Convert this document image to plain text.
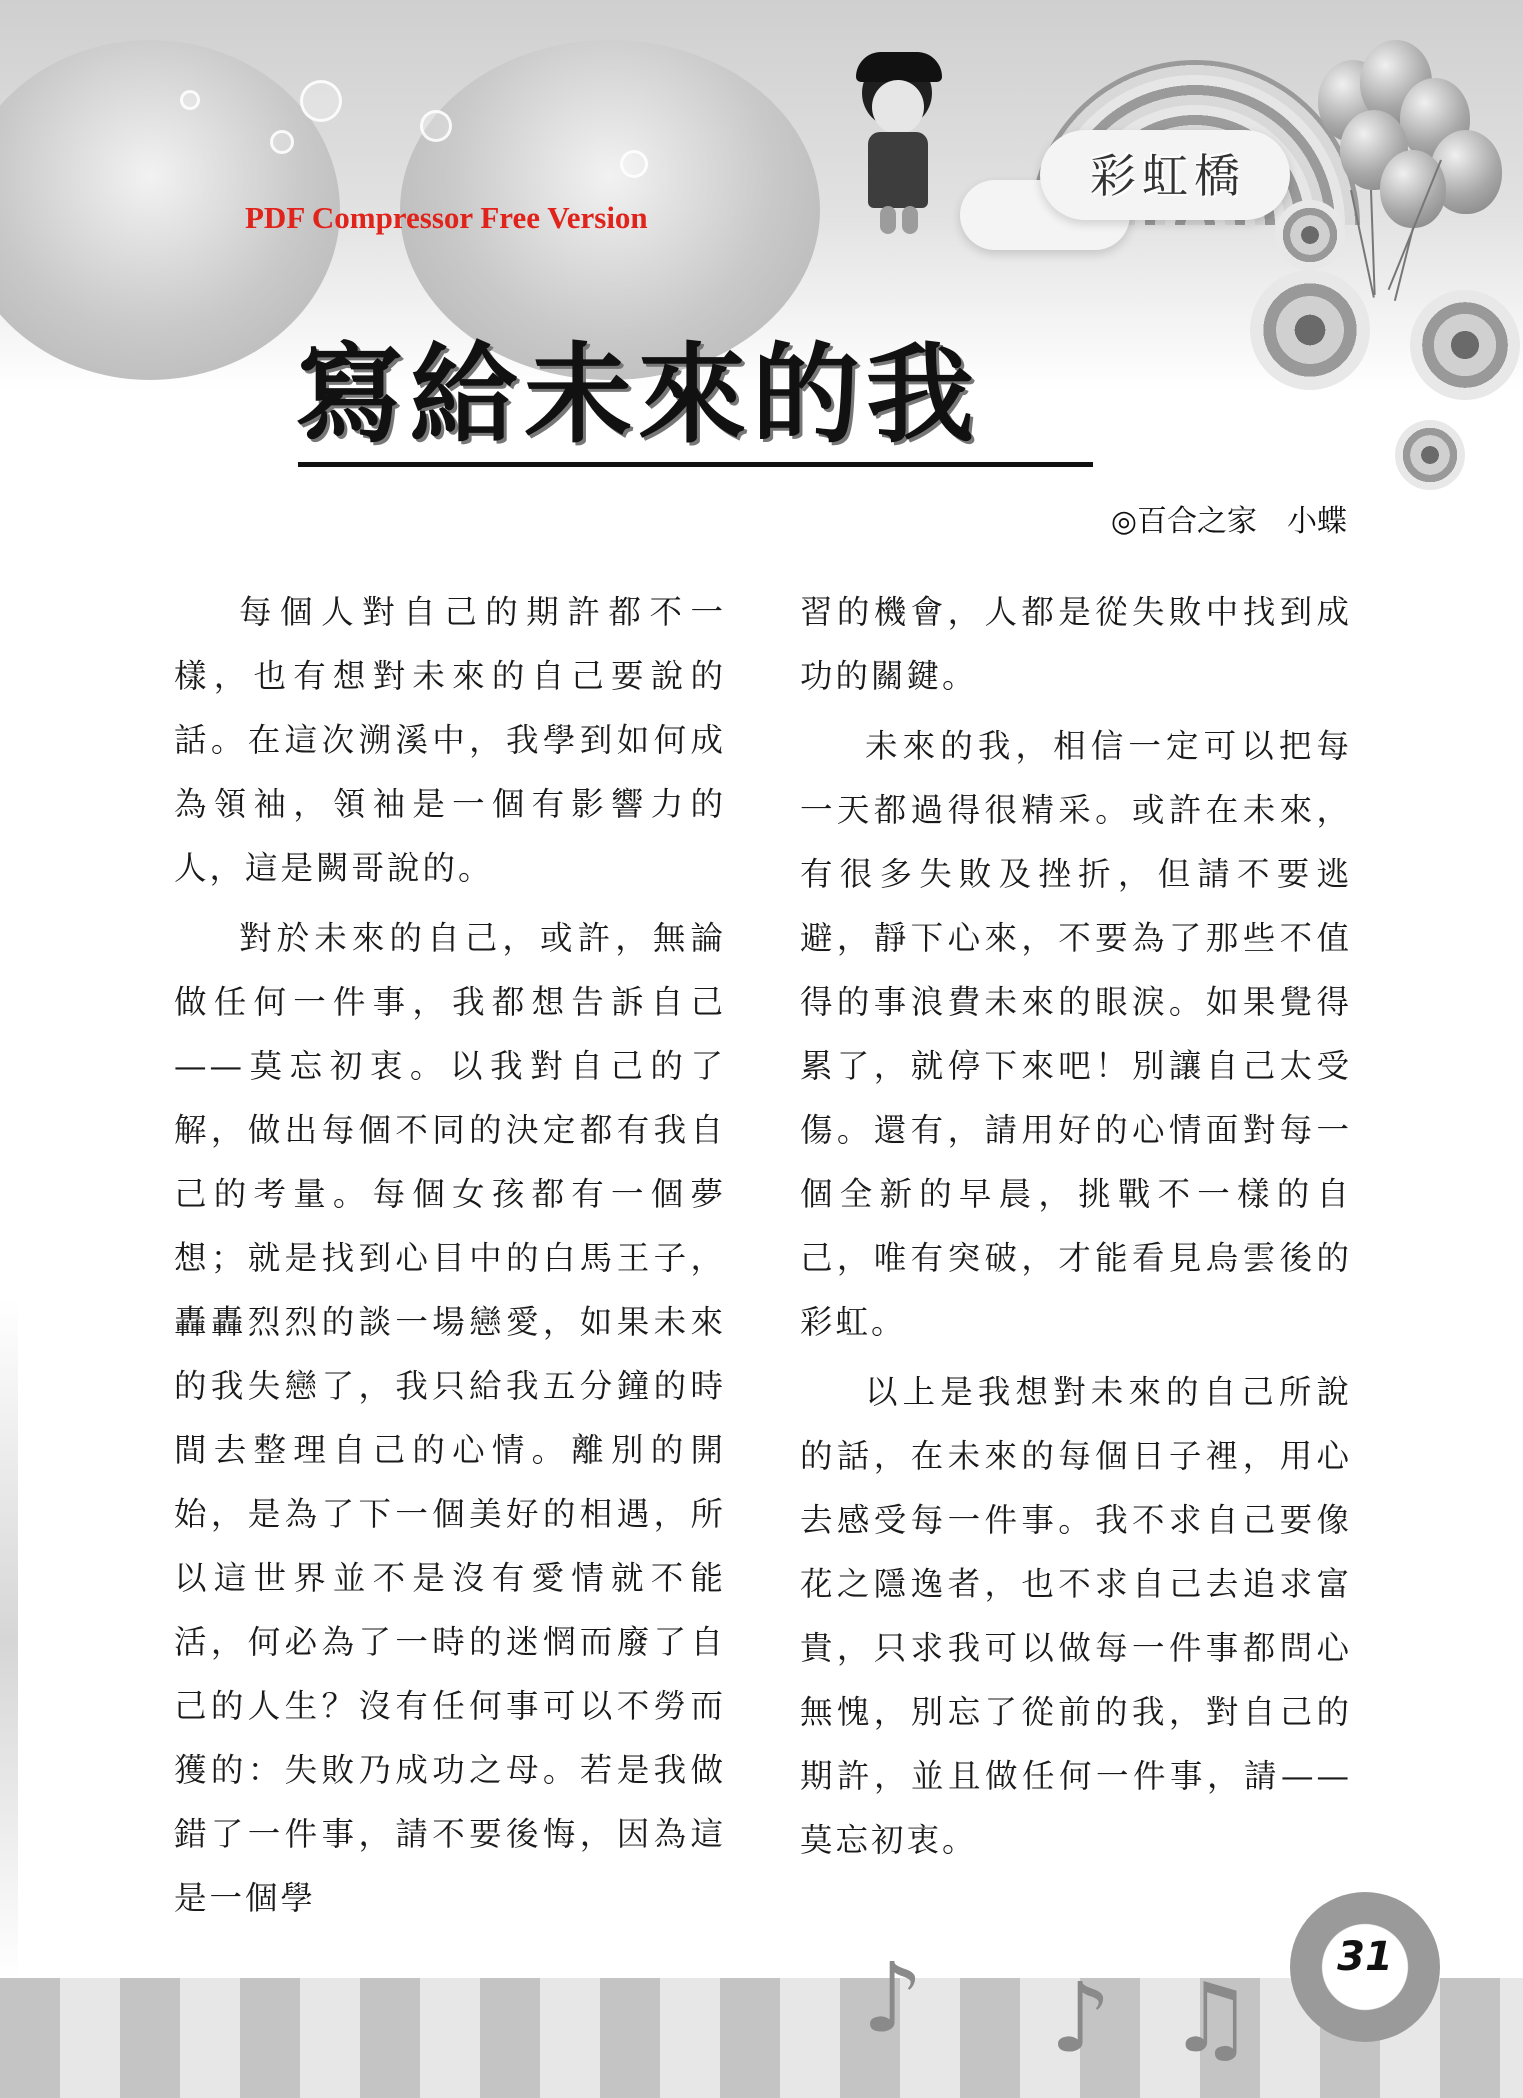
PDF Compressor Free Version
彩虹橋
寫給未來的我
◎百合之家　小蝶

每個人對自己的期許都不一樣，也有想對未來的自己要說的話。在這次溯溪中，我學到如何成為領袖，領袖是一個有影響力的人，這是闕哥說的。

對於未來的自己，或許，無論做任何一件事，我都想告訴自己——莫忘初衷。以我對自己的了解，做出每個不同的決定都有我自己的考量。每個女孩都有一個夢想；就是找到心目中的白馬王子，轟轟烈烈的談一場戀愛，如果未來的我失戀了，我只給我五分鐘的時間去整理自己的心情。離別的開始，是為了下一個美好的相遇，所以這世界並不是沒有愛情就不能活，何必為了一時的迷惘而廢了自己的人生？沒有任何事可以不勞而獲的：失敗乃成功之母。若是我做錯了一件事，請不要後悔，因為這是一個學

習的機會，人都是從失敗中找到成功的關鍵。

未來的我，相信一定可以把每一天都過得很精采。或許在未來，有很多失敗及挫折，但請不要逃避，靜下心來，不要為了那些不值得的事浪費未來的眼淚。如果覺得累了，就停下來吧！別讓自己太受傷。還有，請用好的心情面對每一個全新的早晨，挑戰不一樣的自己，唯有突破，才能看見烏雲後的彩虹。

以上是我想對未來的自己所說的話，在未來的每個日子裡，用心去感受每一件事。我不求自己要像花之隱逸者，也不求自己去追求富貴，只求我可以做每一件事都問心無愧，別忘了從前的我，對自己的期許，並且做任何一件事，請——莫忘初衷。

♪ ♪ ♫
31
